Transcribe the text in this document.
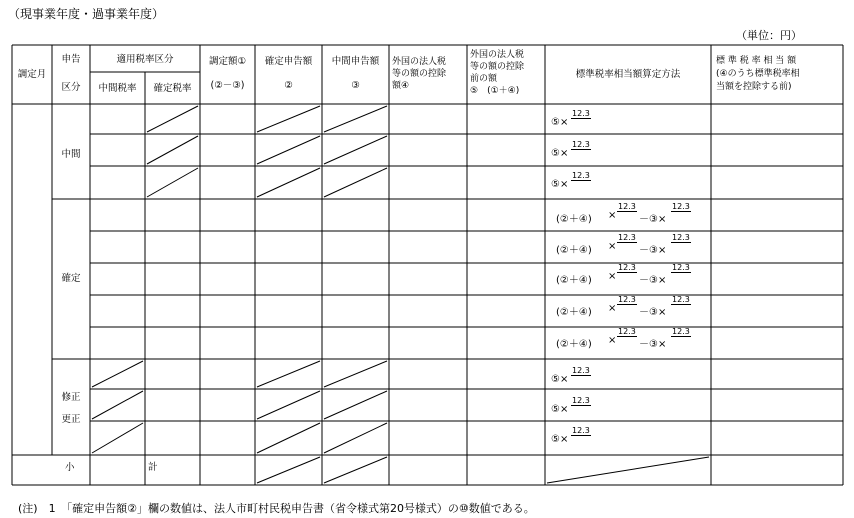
（現事業年度・過事業年度）
（単位：円）
調定月
申告
区分
適用税率区分
中間税率	確定税率
調定額①
(②－③)
確定申告額
②
中間申告額
③
外国の法人税
等の額の控除
額④
外国の法人税
等の額の控除
前の額
⑤　(①＋④)
標準税率相当額算定方法
標 準 税 率 相 当 額
(④のうち標準税率相
当額を控除する前)
中間
確定
修正
更正
小	計
⑤×
12.3
⑤×
12.3
⑤×
12.3
(②＋④) ×
12.3
－③×
12.3
(②＋④) ×
12.3
－③×
12.3
(②＋④) ×
12.3
－③×
12.3
(②＋④) ×
12.3
－③×
12.3
(②＋④) ×
12.3
－③×
12.3
⑤×
12.3
⑤×
12.3
⑤×
12.3
(注)　1　「確定申告額②」欄の数値は、法人市町村民税申告書（省令様式第20号様式）の⑩数値である。
